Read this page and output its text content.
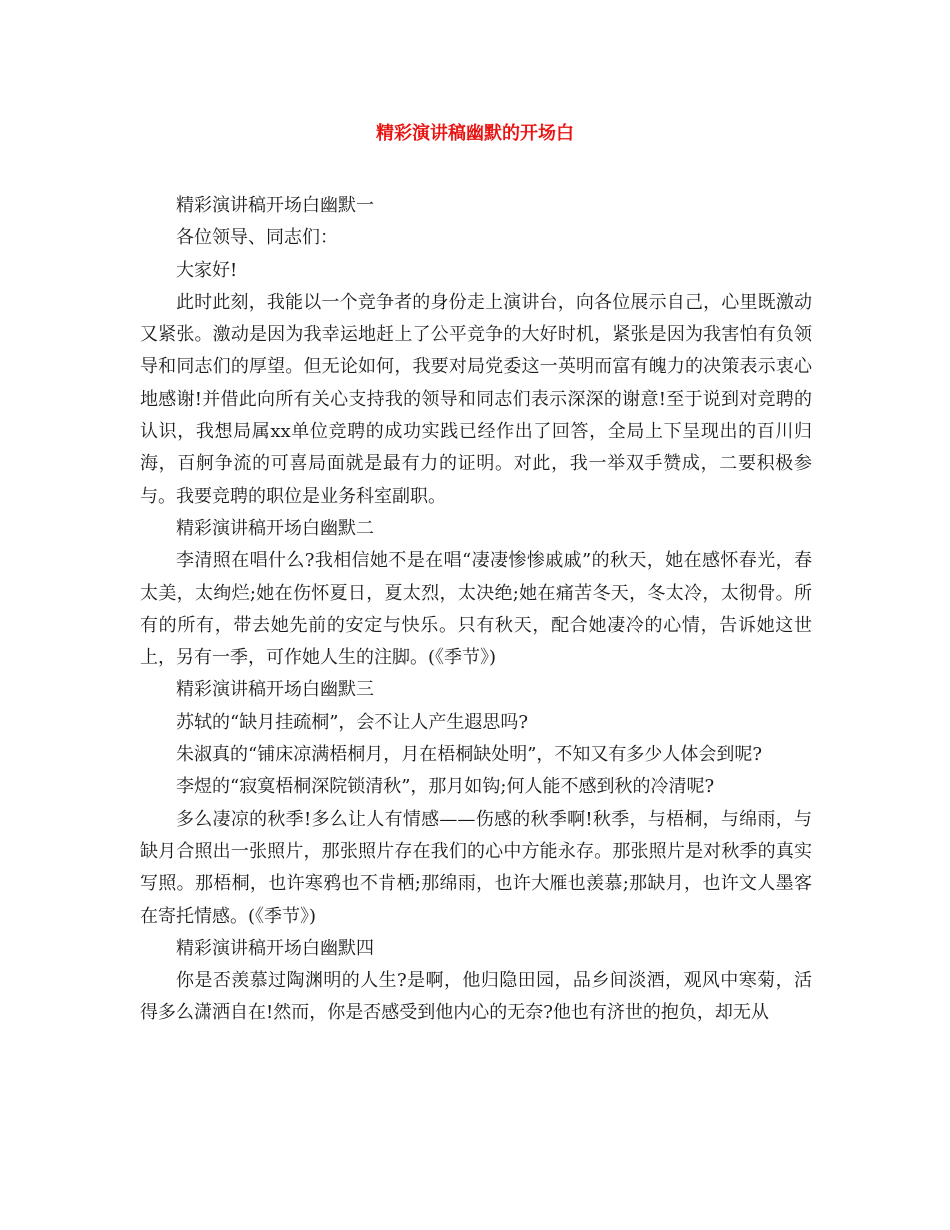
精彩演讲稿幽默的开场白

精彩演讲稿开场白幽默一

各位领导、同志们：

大家好!

此时此刻，我能以一个竞争者的身份走上演讲台，向各位展示自己，心里既激动又紧张。激动是因为我幸运地赶上了公平竞争的大好时机，紧张是因为我害怕有负领导和同志们的厚望。但无论如何，我要对局党委这一英明而富有魄力的决策表示衷心地感谢!并借此向所有关心支持我的领导和同志们表示深深的谢意!至于说到对竞聘的认识，我想局属xx单位竞聘的成功实践已经作出了回答，全局上下呈现出的百川归海，百舸争流的可喜局面就是最有力的证明。对此，我一举双手赞成，二要积极参与。我要竞聘的职位是业务科室副职。

精彩演讲稿开场白幽默二

李清照在唱什么?我相信她不是在唱“凄凄惨惨戚戚”的秋天，她在感怀春光，春太美，太绚烂;她在伤怀夏日，夏太烈，太决绝;她在痛苦冬天，冬太冷，太彻骨。所有的所有，带去她先前的安定与快乐。只有秋天，配合她凄冷的心情，告诉她这世上，另有一季，可作她人生的注脚。(《季节》)

精彩演讲稿开场白幽默三

苏轼的“缺月挂疏桐”，会不让人产生遐思吗?

朱淑真的“铺床凉满梧桐月，月在梧桐缺处明”，不知又有多少人体会到呢?

李煜的“寂寞梧桐深院锁清秋”，那月如钩;何人能不感到秋的冷清呢?

多么凄凉的秋季!多么让人有情感——伤感的秋季啊!秋季，与梧桐，与绵雨，与缺月合照出一张照片，那张照片存在我们的心中方能永存。那张照片是对秋季的真实写照。那梧桐，也许寒鸦也不肯栖;那绵雨，也许大雁也羡慕;那缺月，也许文人墨客在寄托情感。(《季节》)

精彩演讲稿开场白幽默四

你是否羡慕过陶渊明的人生?是啊，他归隐田园，品乡间淡酒，观风中寒菊，活得多么潇洒自在!然而，你是否感受到他内心的无奈?他也有济世的抱负，却无从
